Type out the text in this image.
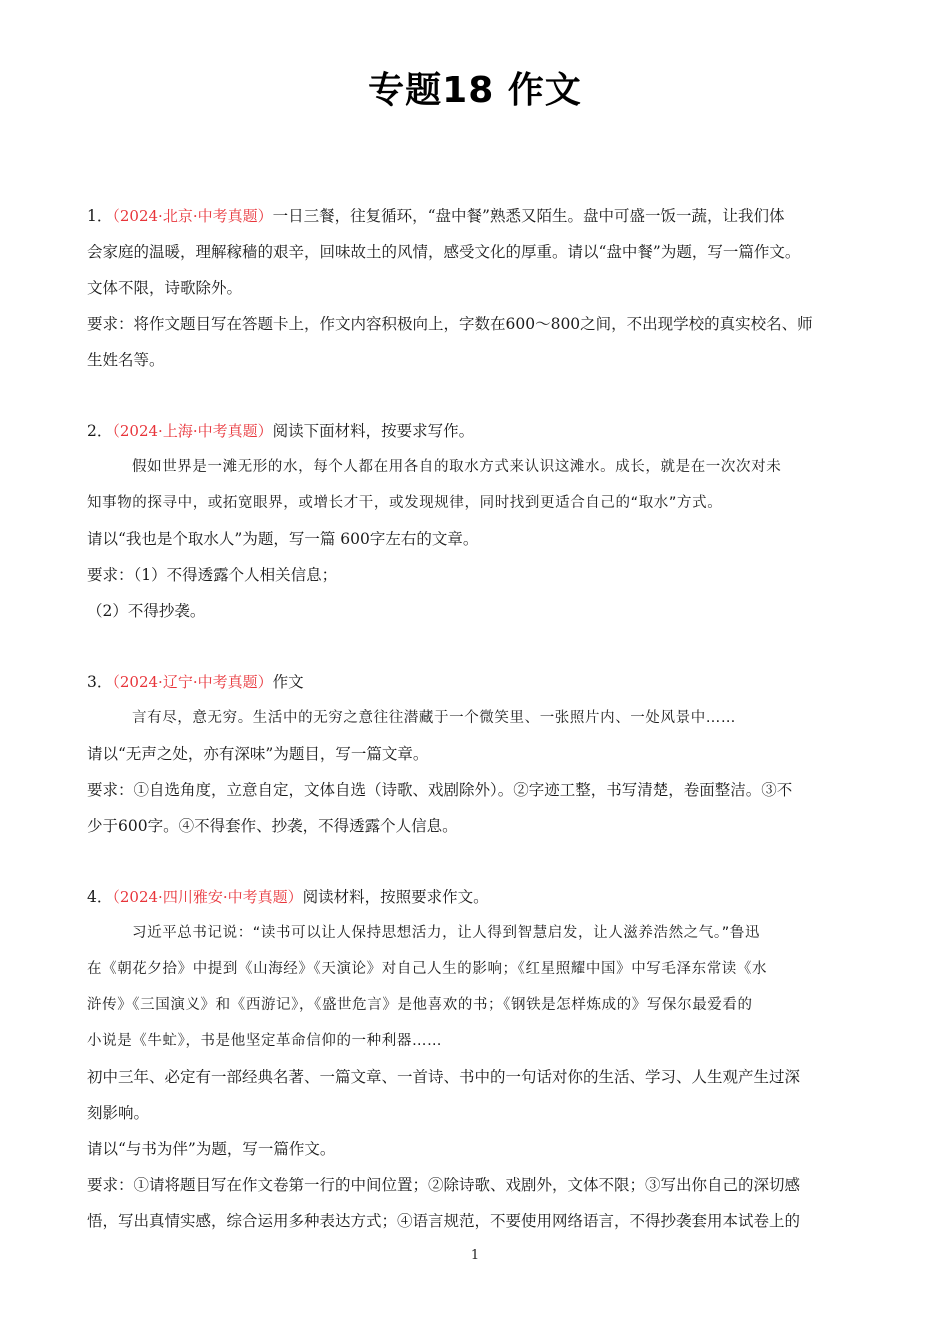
专题18 作文
1．（2024·北京·中考真题）一日三餐，往复循环，“盘中餐”熟悉又陌生。盘中可盛一饭一蔬，让我们体
会家庭的温暖，理解稼穑的艰辛，回味故土的风情，感受文化的厚重。请以“盘中餐”为题，写一篇作文。
文体不限，诗歌除外。
要求：将作文题目写在答题卡上，作文内容积极向上，字数在600～800之间，不出现学校的真实校名、师
生姓名等。
2．（2024·上海·中考真题）阅读下面材料，按要求写作。
假如世界是一滩无形的水，每个人都在用各自的取水方式来认识这滩水。成长，就是在一次次对未
知事物的探寻中，或拓宽眼界，或增长才干，或发现规律，同时找到更适合自己的“取水”方式。
请以“我也是个取水人”为题，写一篇 600字左右的文章。
要求：（1）不得透露个人相关信息；
（2）不得抄袭。
3．（2024·辽宁·中考真题）作文
言有尽，意无穷。生活中的无穷之意往往潜藏于一个微笑里、一张照片内、一处风景中……
请以“无声之处，亦有深味”为题目，写一篇文章。
要求：①自选角度，立意自定，文体自选（诗歌、戏剧除外）。②字迹工整，书写清楚，卷面整洁。③不
少于600字。④不得套作、抄袭，不得透露个人信息。
4．（2024·四川雅安·中考真题）阅读材料，按照要求作文。
习近平总书记说：“读书可以让人保持思想活力，让人得到智慧启发，让人滋养浩然之气。”鲁迅
在《朝花夕拾》中提到《山海经》《天演论》对自己人生的影响；《红星照耀中国》中写毛泽东常读《水
浒传》《三国演义》和《西游记》，《盛世危言》是他喜欢的书；《钢铁是怎样炼成的》写保尔最爱看的
小说是《牛虻》，书是他坚定革命信仰的一种利器……
初中三年、必定有一部经典名著、一篇文章、一首诗、书中的一句话对你的生活、学习、人生观产生过深
刻影响。
请以“与书为伴”为题，写一篇作文。
要求：①请将题目写在作文卷第一行的中间位置；②除诗歌、戏剧外，文体不限；③写出你自己的深切感
悟，写出真情实感，综合运用多种表达方式；④语言规范，不要使用网络语言，不得抄袭套用本试卷上的
1
